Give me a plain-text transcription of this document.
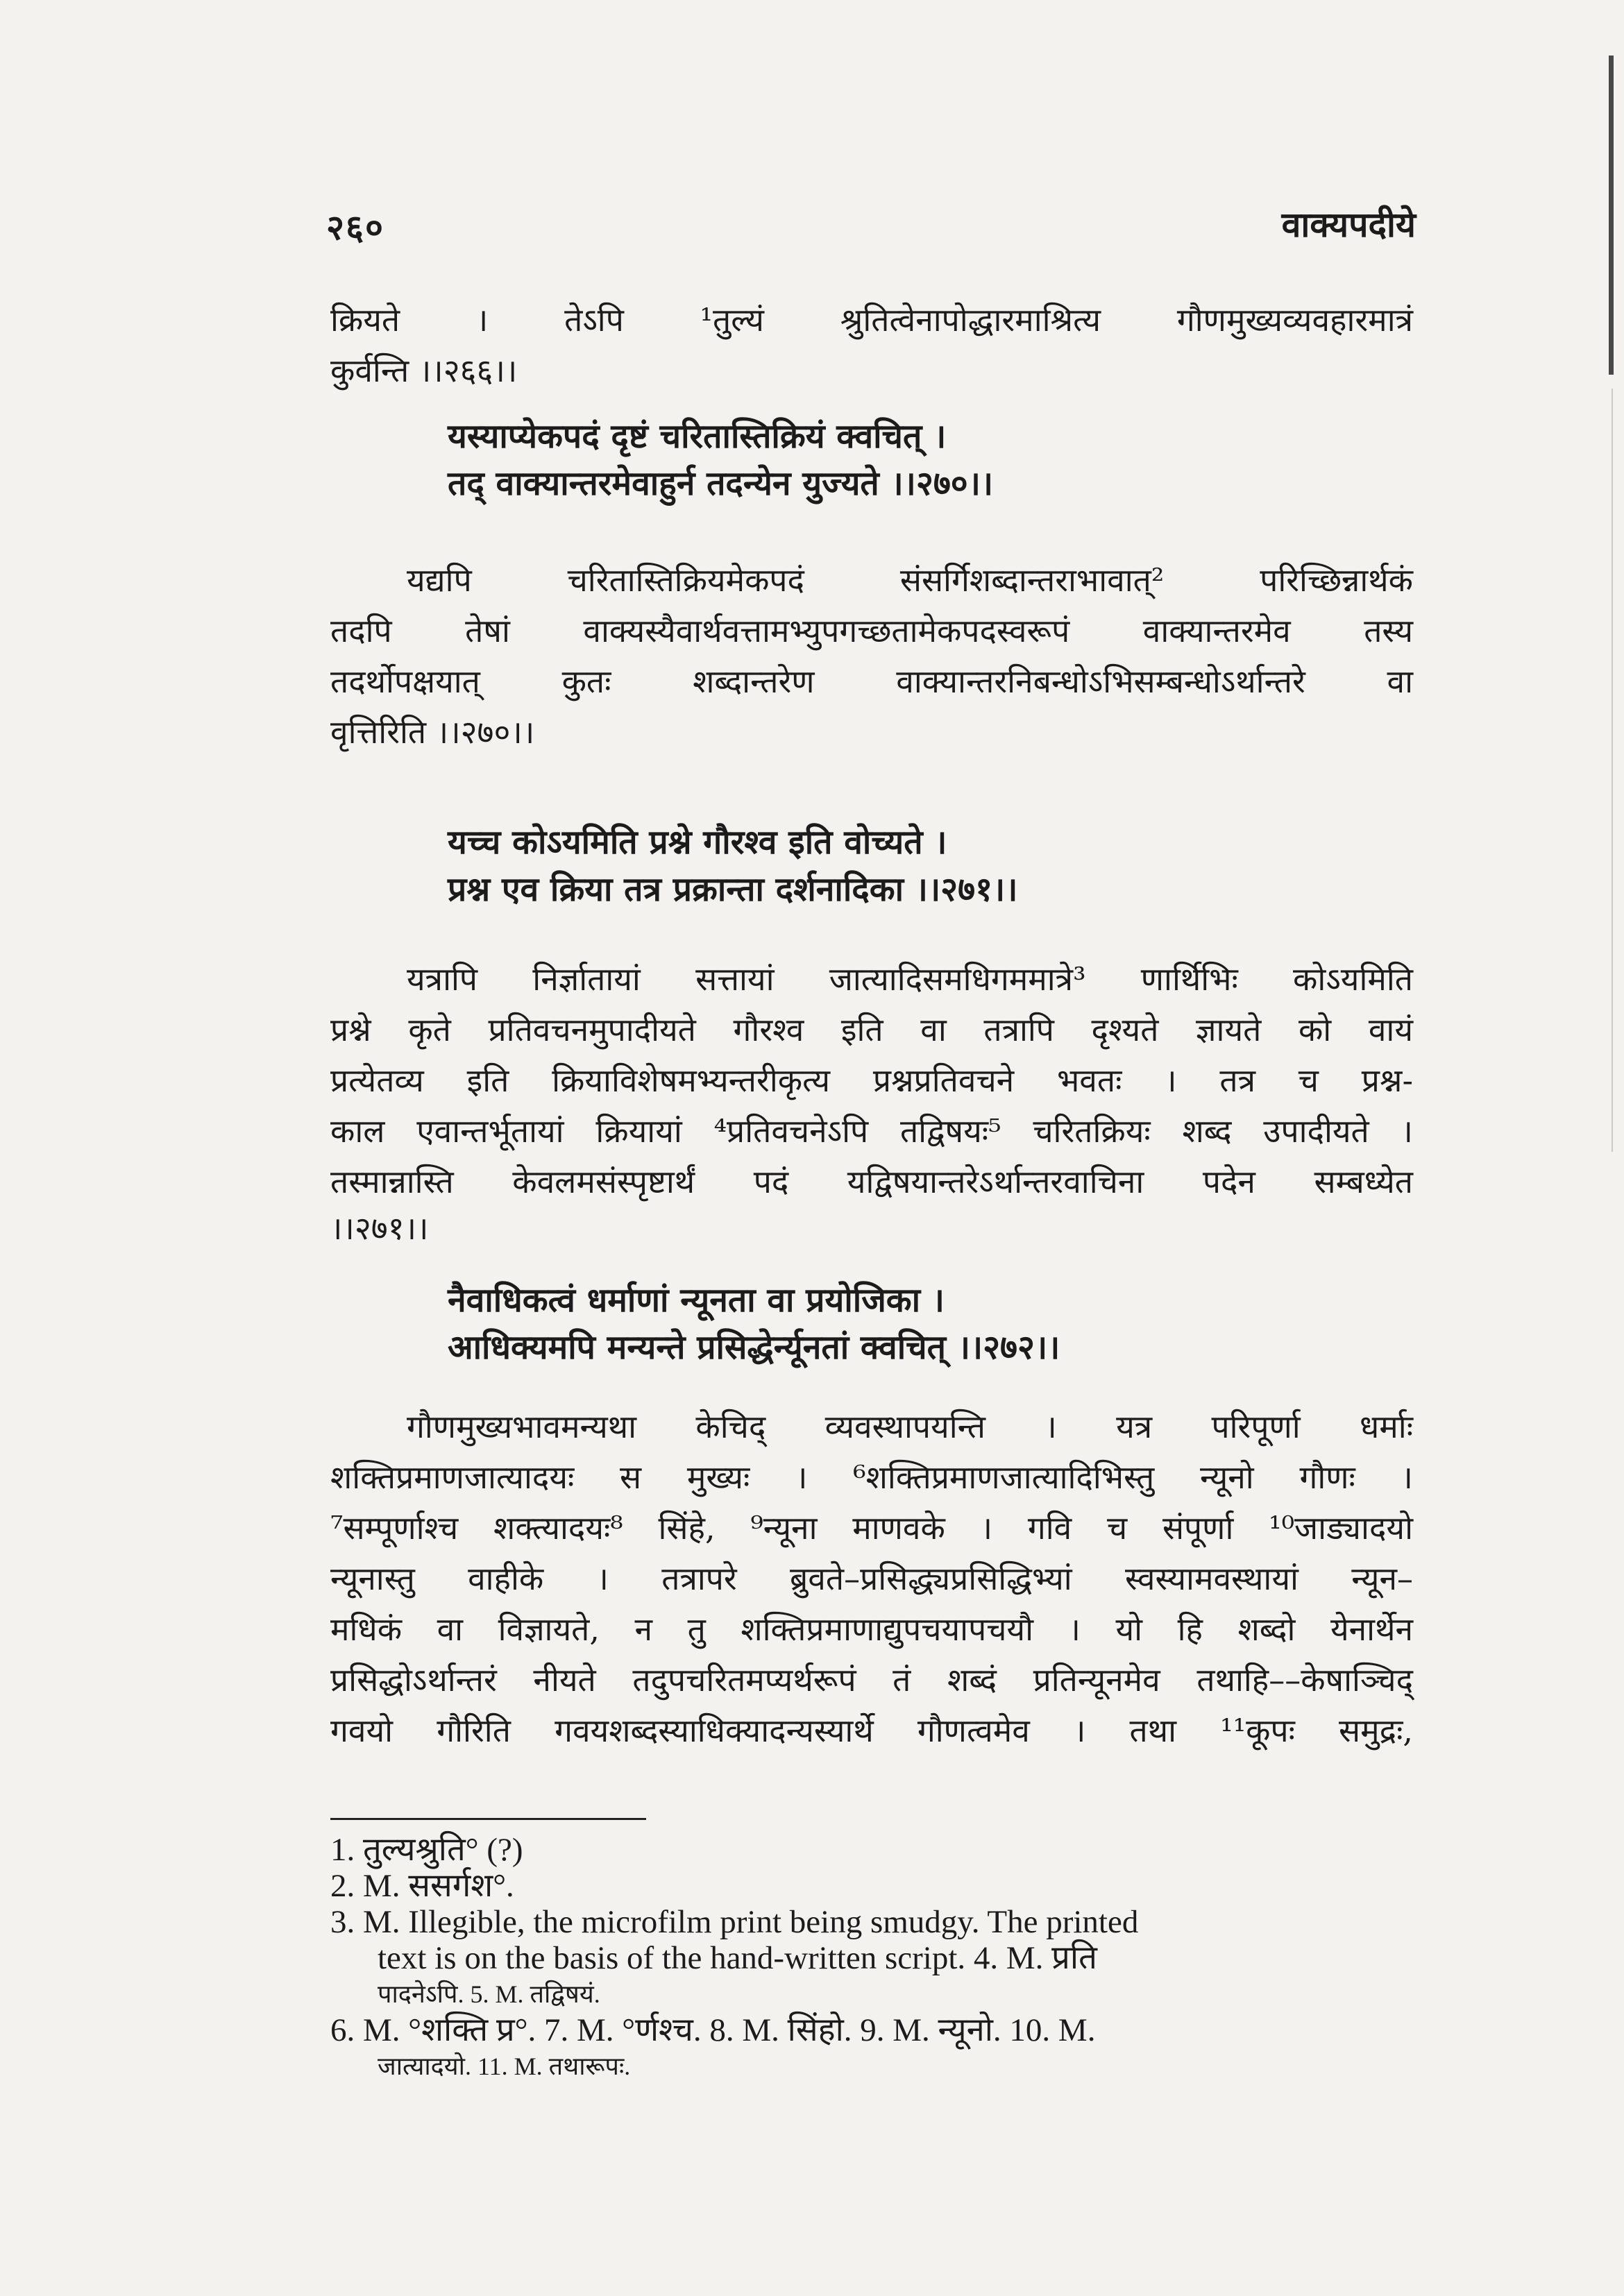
२६०	वाक्यपदीये
क्रियते । तेऽपि ¹तुल्यं श्रुतित्वेनापोद्धारमाश्रित्य गौणमुख्यव्यवहारमात्रं
कुर्वन्ति ।।२६६।।
यस्याप्येकपदं दृष्टं चरितास्तिक्रियं क्वचित् ।
तद् वाक्यान्तरमेवाहुर्न तदन्येन युज्यते ।।२७०।।
यद्यपि चरितास्तिक्रियमेकपदं संसर्गिशब्दान्तराभावात्² परिच्छिन्नार्थकं
तदपि तेषां वाक्यस्यैवार्थवत्तामभ्युपगच्छतामेकपदस्वरूपं वाक्यान्तरमेव तस्य
तदर्थोपक्षयात् कुतः शब्दान्तरेण वाक्यान्तरनिबन्धोऽभिसम्बन्धोऽर्थान्तरे वा
वृत्तिरिति ।।२७०।।
यच्च कोऽयमिति प्रश्ने गौरश्व इति वोच्यते ।
प्रश्न एव क्रिया तत्र प्रक्रान्ता दर्शनादिका ।।२७१।।
यत्रापि निर्ज्ञातायां सत्तायां जात्यादिसमधिगममात्रे³ णार्थिभिः कोऽयमिति
प्रश्ने कृते प्रतिवचनमुपादीयते गौरश्व इति वा तत्रापि दृश्यते ज्ञायते को वायं
प्रत्येतव्य इति क्रियाविशेषमभ्यन्तरीकृत्य प्रश्नप्रतिवचने भवतः । तत्र च प्रश्न-
काल एवान्तर्भूतायां क्रियायां ⁴प्रतिवचनेऽपि तद्विषयः⁵ चरितक्रियः शब्द उपादीयते ।
तस्मान्नास्ति केवलमसंस्पृष्टार्थं पदं यद्विषयान्तरेऽर्थान्तरवाचिना पदेन सम्बध्येत
।।२७१।।
नैवाधिकत्वं धर्माणां न्यूनता वा प्रयोजिका ।
आधिक्यमपि मन्यन्ते प्रसिद्धेर्न्यूनतां क्वचित् ।।२७२।।
गौणमुख्यभावमन्यथा केचिद् व्यवस्थापयन्ति । यत्र परिपूर्णा धर्माः
शक्तिप्रमाणजात्यादयः स मुख्यः । ⁶शक्तिप्रमाणजात्यादिभिस्तु न्यूनो गौणः ।
⁷सम्पूर्णाश्च शक्त्यादयः⁸ सिंहे, ⁹न्यूना माणवके । गवि च संपूर्णा ¹⁰जाड्यादयो
न्यूनास्तु वाहीके । तत्रापरे ब्रुवते–प्रसिद्ध्यप्रसिद्धिभ्यां स्वस्यामवस्थायां न्यून–
मधिकं वा विज्ञायते, न तु शक्तिप्रमाणाद्युपचयापचयौ । यो हि शब्दो येनार्थेन
प्रसिद्धोऽर्थान्तरं नीयते तदुपचरितमप्यर्थरूपं तं शब्दं प्रतिन्यूनमेव तथाहि––केषाञ्चिद्
गवयो गौरिति गवयशब्दस्याधिक्यादन्यस्यार्थे गौणत्वमेव । तथा ¹¹कूपः समुद्रः,
1. तुल्यश्रुति° (?)
2. M. ससर्गश°.
3. M. Illegible, the microfilm print being smudgy. The printed
text is on the basis of the hand-written script. 4. M. प्रति
पादनेऽपि. 5. M. तद्विषयं.
6. M. °शक्ति प्र°. 7. M. °र्णश्च. 8. M. सिंहो. 9. M. न्यूनो. 10. M.
जात्यादयो. 11. M. तथारूपः.
